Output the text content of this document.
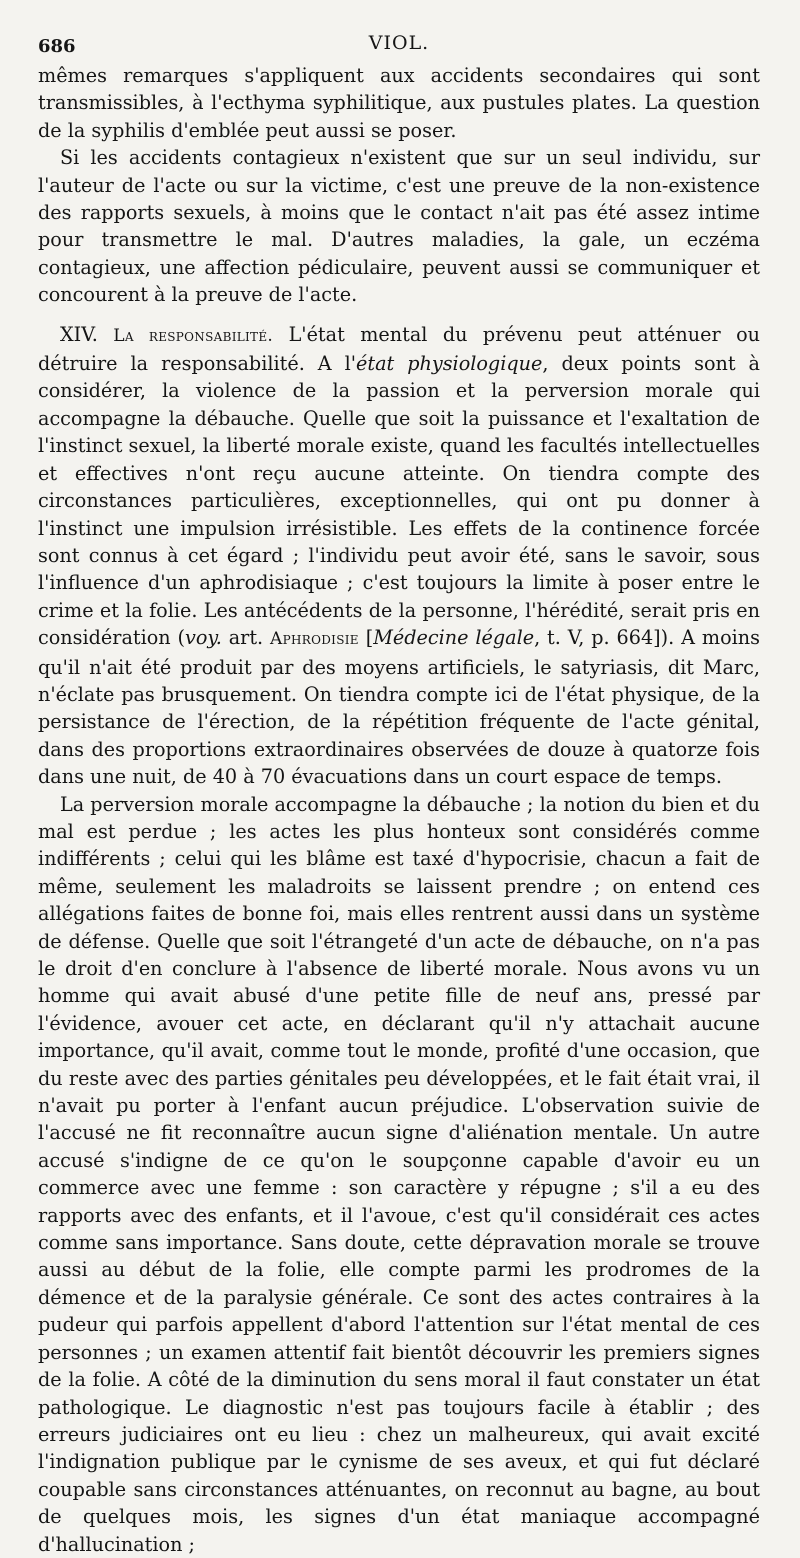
686	VIOL.

mêmes remarques s'appliquent aux accidents secondaires qui sont transmissibles, à l'ecthyma syphilitique, aux pustules plates. La question de la syphilis d'emblée peut aussi se poser.

Si les accidents contagieux n'existent que sur un seul individu, sur l'auteur de l'acte ou sur la victime, c'est une preuve de la non-existence des rapports sexuels, à moins que le contact n'ait pas été assez intime pour transmettre le mal. D'autres maladies, la gale, un eczéma contagieux, une affection pédiculaire, peuvent aussi se communiquer et concourent à la preuve de l'acte.

XIV. La responsabilité. L'état mental du prévenu peut atténuer ou détruire la responsabilité. A l'état physiologique, deux points sont à considérer, la violence de la passion et la perversion morale qui accompagne la débauche. Quelle que soit la puissance et l'exaltation de l'instinct sexuel, la liberté morale existe, quand les facultés intellectuelles et effectives n'ont reçu aucune atteinte. On tiendra compte des circonstances particulières, exceptionnelles, qui ont pu donner à l'instinct une impulsion irrésistible. Les effets de la continence forcée sont connus à cet égard ; l'individu peut avoir été, sans le savoir, sous l'influence d'un aphrodisiaque ; c'est toujours la limite à poser entre le crime et la folie. Les antécédents de la personne, l'hérédité, serait pris en considération (voy. art. Aphrodisie [Médecine légale, t. V, p. 664]). A moins qu'il n'ait été produit par des moyens artificiels, le satyriasis, dit Marc, n'éclate pas brusquement. On tiendra compte ici de l'état physique, de la persistance de l'érection, de la répétition fréquente de l'acte génital, dans des proportions extraordinaires observées de douze à quatorze fois dans une nuit, de 40 à 70 évacuations dans un court espace de temps.

La perversion morale accompagne la débauche ; la notion du bien et du mal est perdue ; les actes les plus honteux sont considérés comme indifférents ; celui qui les blâme est taxé d'hypocrisie, chacun a fait de même, seulement les maladroits se laissent prendre ; on entend ces allégations faites de bonne foi, mais elles rentrent aussi dans un système de défense. Quelle que soit l'étrangeté d'un acte de débauche, on n'a pas le droit d'en conclure à l'absence de liberté morale. Nous avons vu un homme qui avait abusé d'une petite fille de neuf ans, pressé par l'évidence, avouer cet acte, en déclarant qu'il n'y attachait aucune importance, qu'il avait, comme tout le monde, profité d'une occasion, que du reste avec des parties génitales peu développées, et le fait était vrai, il n'avait pu porter à l'enfant aucun préjudice. L'observation suivie de l'accusé ne fit reconnaître aucun signe d'aliénation mentale. Un autre accusé s'indigne de ce qu'on le soupçonne capable d'avoir eu un commerce avec une femme : son caractère y répugne ; s'il a eu des rapports avec des enfants, et il l'avoue, c'est qu'il considérait ces actes comme sans importance. Sans doute, cette dépravation morale se trouve aussi au début de la folie, elle compte parmi les prodromes de la démence et de la paralysie générale. Ce sont des actes contraires à la pudeur qui parfois appellent d'abord l'attention sur l'état mental de ces personnes ; un examen attentif fait bientôt découvrir les premiers signes de la folie. A côté de la diminution du sens moral il faut constater un état pathologique. Le diagnostic n'est pas toujours facile à établir ; des erreurs judiciaires ont eu lieu : chez un malheureux, qui avait excité l'indignation publique par le cynisme de ses aveux, et qui fut déclaré coupable sans circonstances atténuantes, on reconnut au bagne, au bout de quelques mois, les signes d'un état maniaque accompagné d'hallucination ;
